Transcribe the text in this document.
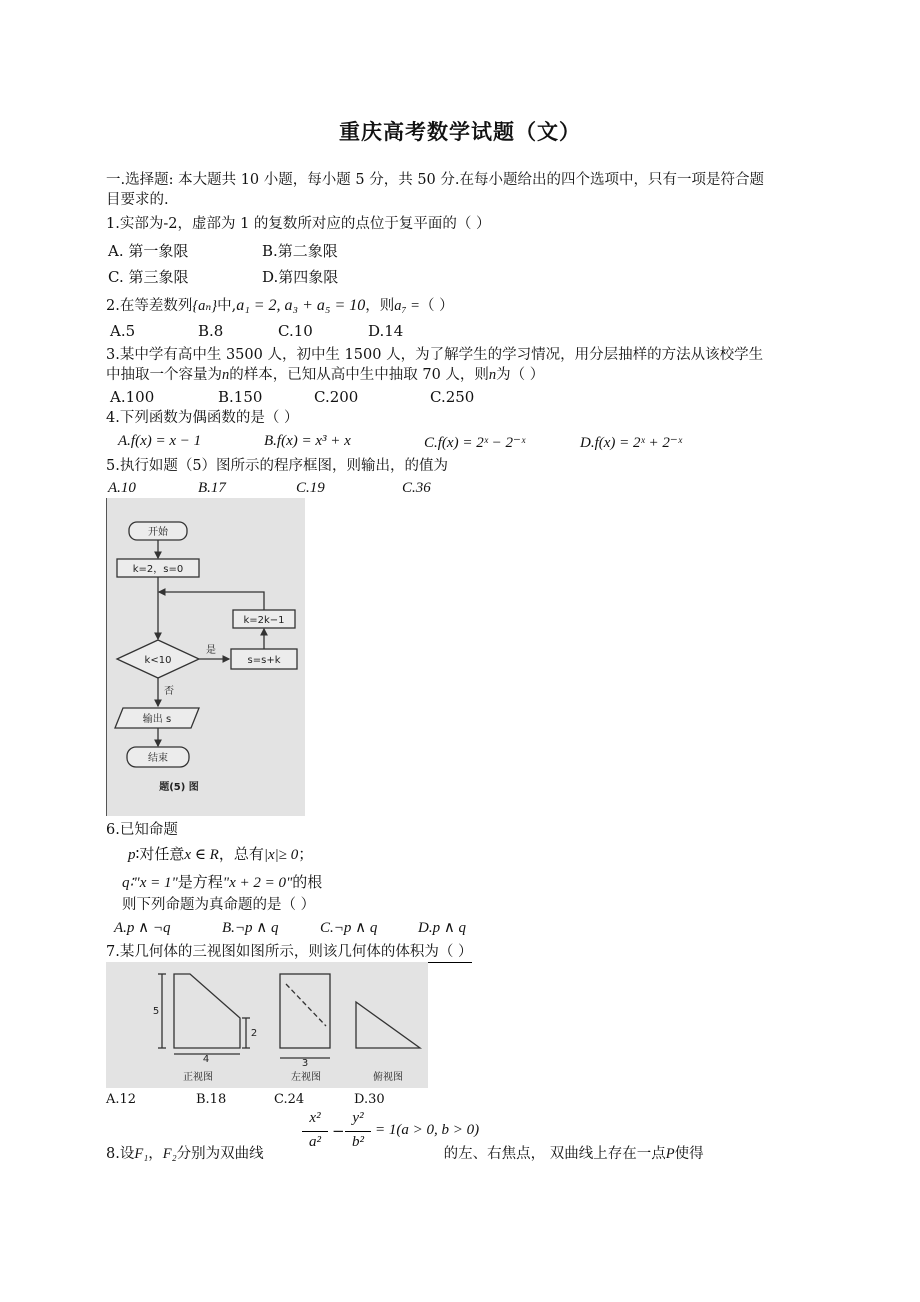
重庆高考数学试题（文）
一.选择题: 本大题共 10 小题，每小题 5 分，共 50 分.在每小题给出的四个选项中，只有一项是符合题
目要求的.
1.实部为-2，虚部为 1 的复数所对应的点位于复平面的（ ）
A. 第一象限	B.第二象限
C. 第三象限	D.第四象限
2.在等差数列{aₙ}中,a₁ = 2, a₃ + a₅ = 10，则a₇ =（ ）
A.5	B.8	C.10	D.14
3.某中学有高中生 3500 人，初中生 1500 人，为了解学生的学习情况，用分层抽样的方法从该校学生
中抽取一个容量为n的样本，已知从高中生中抽取 70 人，则n为（ ）
A.100	B.150	C.200	C.250
4.下列函数为偶函数的是（ ）
A.f(x) = x − 1	B.f(x) = x³ + x	C.f(x) = 2ˣ − 2⁻ˣ	D.f(x) = 2ˣ + 2⁻ˣ
5.执行如题（5）图所示的程序框图，则输出，的值为
A.10	B.17	C.19	C.36
开始
k=2，s=0
k<10
是
否
s=s+k
k=2k−1
输出 s
结束
题(5) 图
6.已知命题
p∶对任意x ∈ R，总有|x|≥ 0；
q∶"x = 1"是方程"x + 2 = 0"的根
则下列命题为真命题的是（ ）
A.p ∧ ¬q	B.¬p ∧ q	C.¬p ∧ q	D.p ∧ q
7.某几何体的三视图如图所示，则该几何体的体积为（ ）
5
2
4	3
正视图	左视图	俯视图
A.12	B.18	C.24	D.30
x²
a²
−
y²
b²
= 1(a > 0, b > 0)
8.设F₁，F₂分别为双曲线	的左、右焦点， 双曲线上存在一点P使得
